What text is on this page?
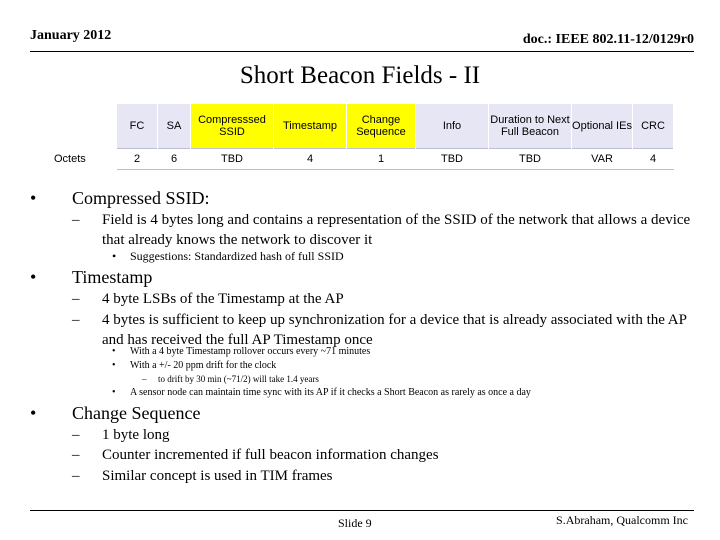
January 2012	doc.: IEEE 802.11-12/0129r0
Short Beacon Fields - II
	FC	SA	Compresssed SSID	Timestamp	Change Sequence	Info	Duration to Next Full Beacon	Optional IEs	CRC
Octets	2	6	TBD	4	1	TBD	TBD	VAR	4
• Compressed SSID:
– Field is 4 bytes long and contains a representation of the SSID of the network that allows a device that already knows the network to discover it
• Suggestions: Standardized hash of full SSID
• Timestamp
– 4 byte LSBs of the Timestamp at the AP
– 4 bytes is sufficient to keep up synchronization for a device that is already associated with the AP and has received the full AP Timestamp once
• With a 4 byte Timestamp rollover occurs every ~71 minutes
• With a +/- 20 ppm drift for the clock
– to drift by 30 min (~71/2) will take 1.4 years
• A sensor node can maintain time sync with its AP if it checks a Short Beacon as rarely as once a day
• Change Sequence
– 1 byte long
– Counter incremented if full beacon information changes
– Similar concept is used in TIM frames
Slide 9	S.Abraham, Qualcomm Inc
